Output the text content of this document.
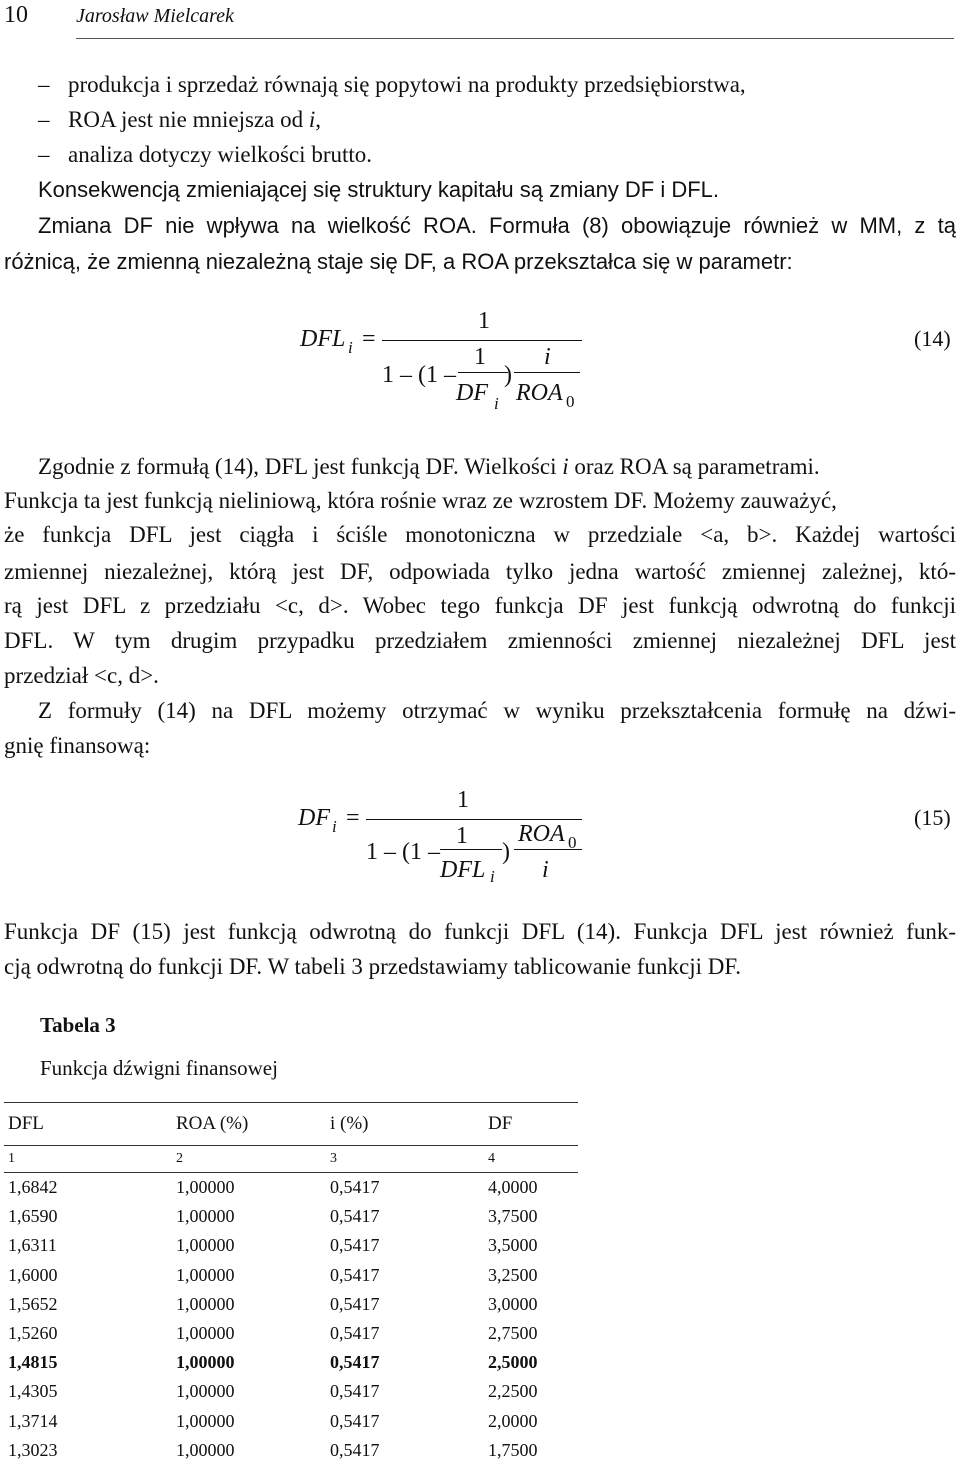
10 Jarosław Mielcarek
– produkcja i sprzedaż równają się popytowi na produkty przedsiębiorstwa,
– ROA jest nie mniejsza od i,
– analiza dotyczy wielkości brutto.
Konsekwencją zmieniającej się struktury kapitału są zmiany DF i DFL.
Zmiana DF nie wpływa na wielkość ROA. Formuła (8) obowiązuje również w MM, z tą
różnicą, że zmienną niezależną staje się DF, a ROA przekształca się w parametr:
DFL i =
1
1 – (1 –
1
DF i
)
i
ROA 0
(14)
Zgodnie z formułą (14), DFL jest funkcją DF. Wielkości i oraz ROA są parametrami.
Funkcja ta jest funkcją nieliniową, która rośnie wraz ze wzrostem DF. Możemy zauważyć,
że funkcja DFL jest ciągła i ściśle monotoniczna w przedziale <a, b>. Każdej wartości
zmiennej niezależnej, którą jest DF, odpowiada tylko jedna wartość zmiennej zależnej, któ-
rą jest DFL z przedziału <c, d>. Wobec tego funkcja DF jest funkcją odwrotną do funkcji
DFL. W tym drugim przypadku przedziałem zmienności zmiennej niezależnej DFL jest
przedział <c, d>.
Z formuły (14) na DFL możemy otrzymać w wyniku przekształcenia formułę na dźwi-
gnię finansową:
DF i =
1
1 – (1 –
1
DFL i
)
ROA 0
i
(15)
Funkcja DF (15) jest funkcją odwrotną do funkcji DFL (14). Funkcja DFL jest również funk-
cją odwrotną do funkcji DF. W tabeli 3 przedstawiamy tablicowanie funkcji DF.
Tabela 3
Funkcja dźwigni finansowej
DFL	ROA (%)	i (%)	DF
1	2	3	4
1,6842	1,00000	0,5417	4,0000
1,6590	1,00000	0,5417	3,7500
1,6311	1,00000	0,5417	3,5000
1,6000	1,00000	0,5417	3,2500
1,5652	1,00000	0,5417	3,0000
1,5260	1,00000	0,5417	2,7500
1,4815	1,00000	0,5417	2,5000
1,4305	1,00000	0,5417	2,2500
1,3714	1,00000	0,5417	2,0000
1,3023	1,00000	0,5417	1,7500
